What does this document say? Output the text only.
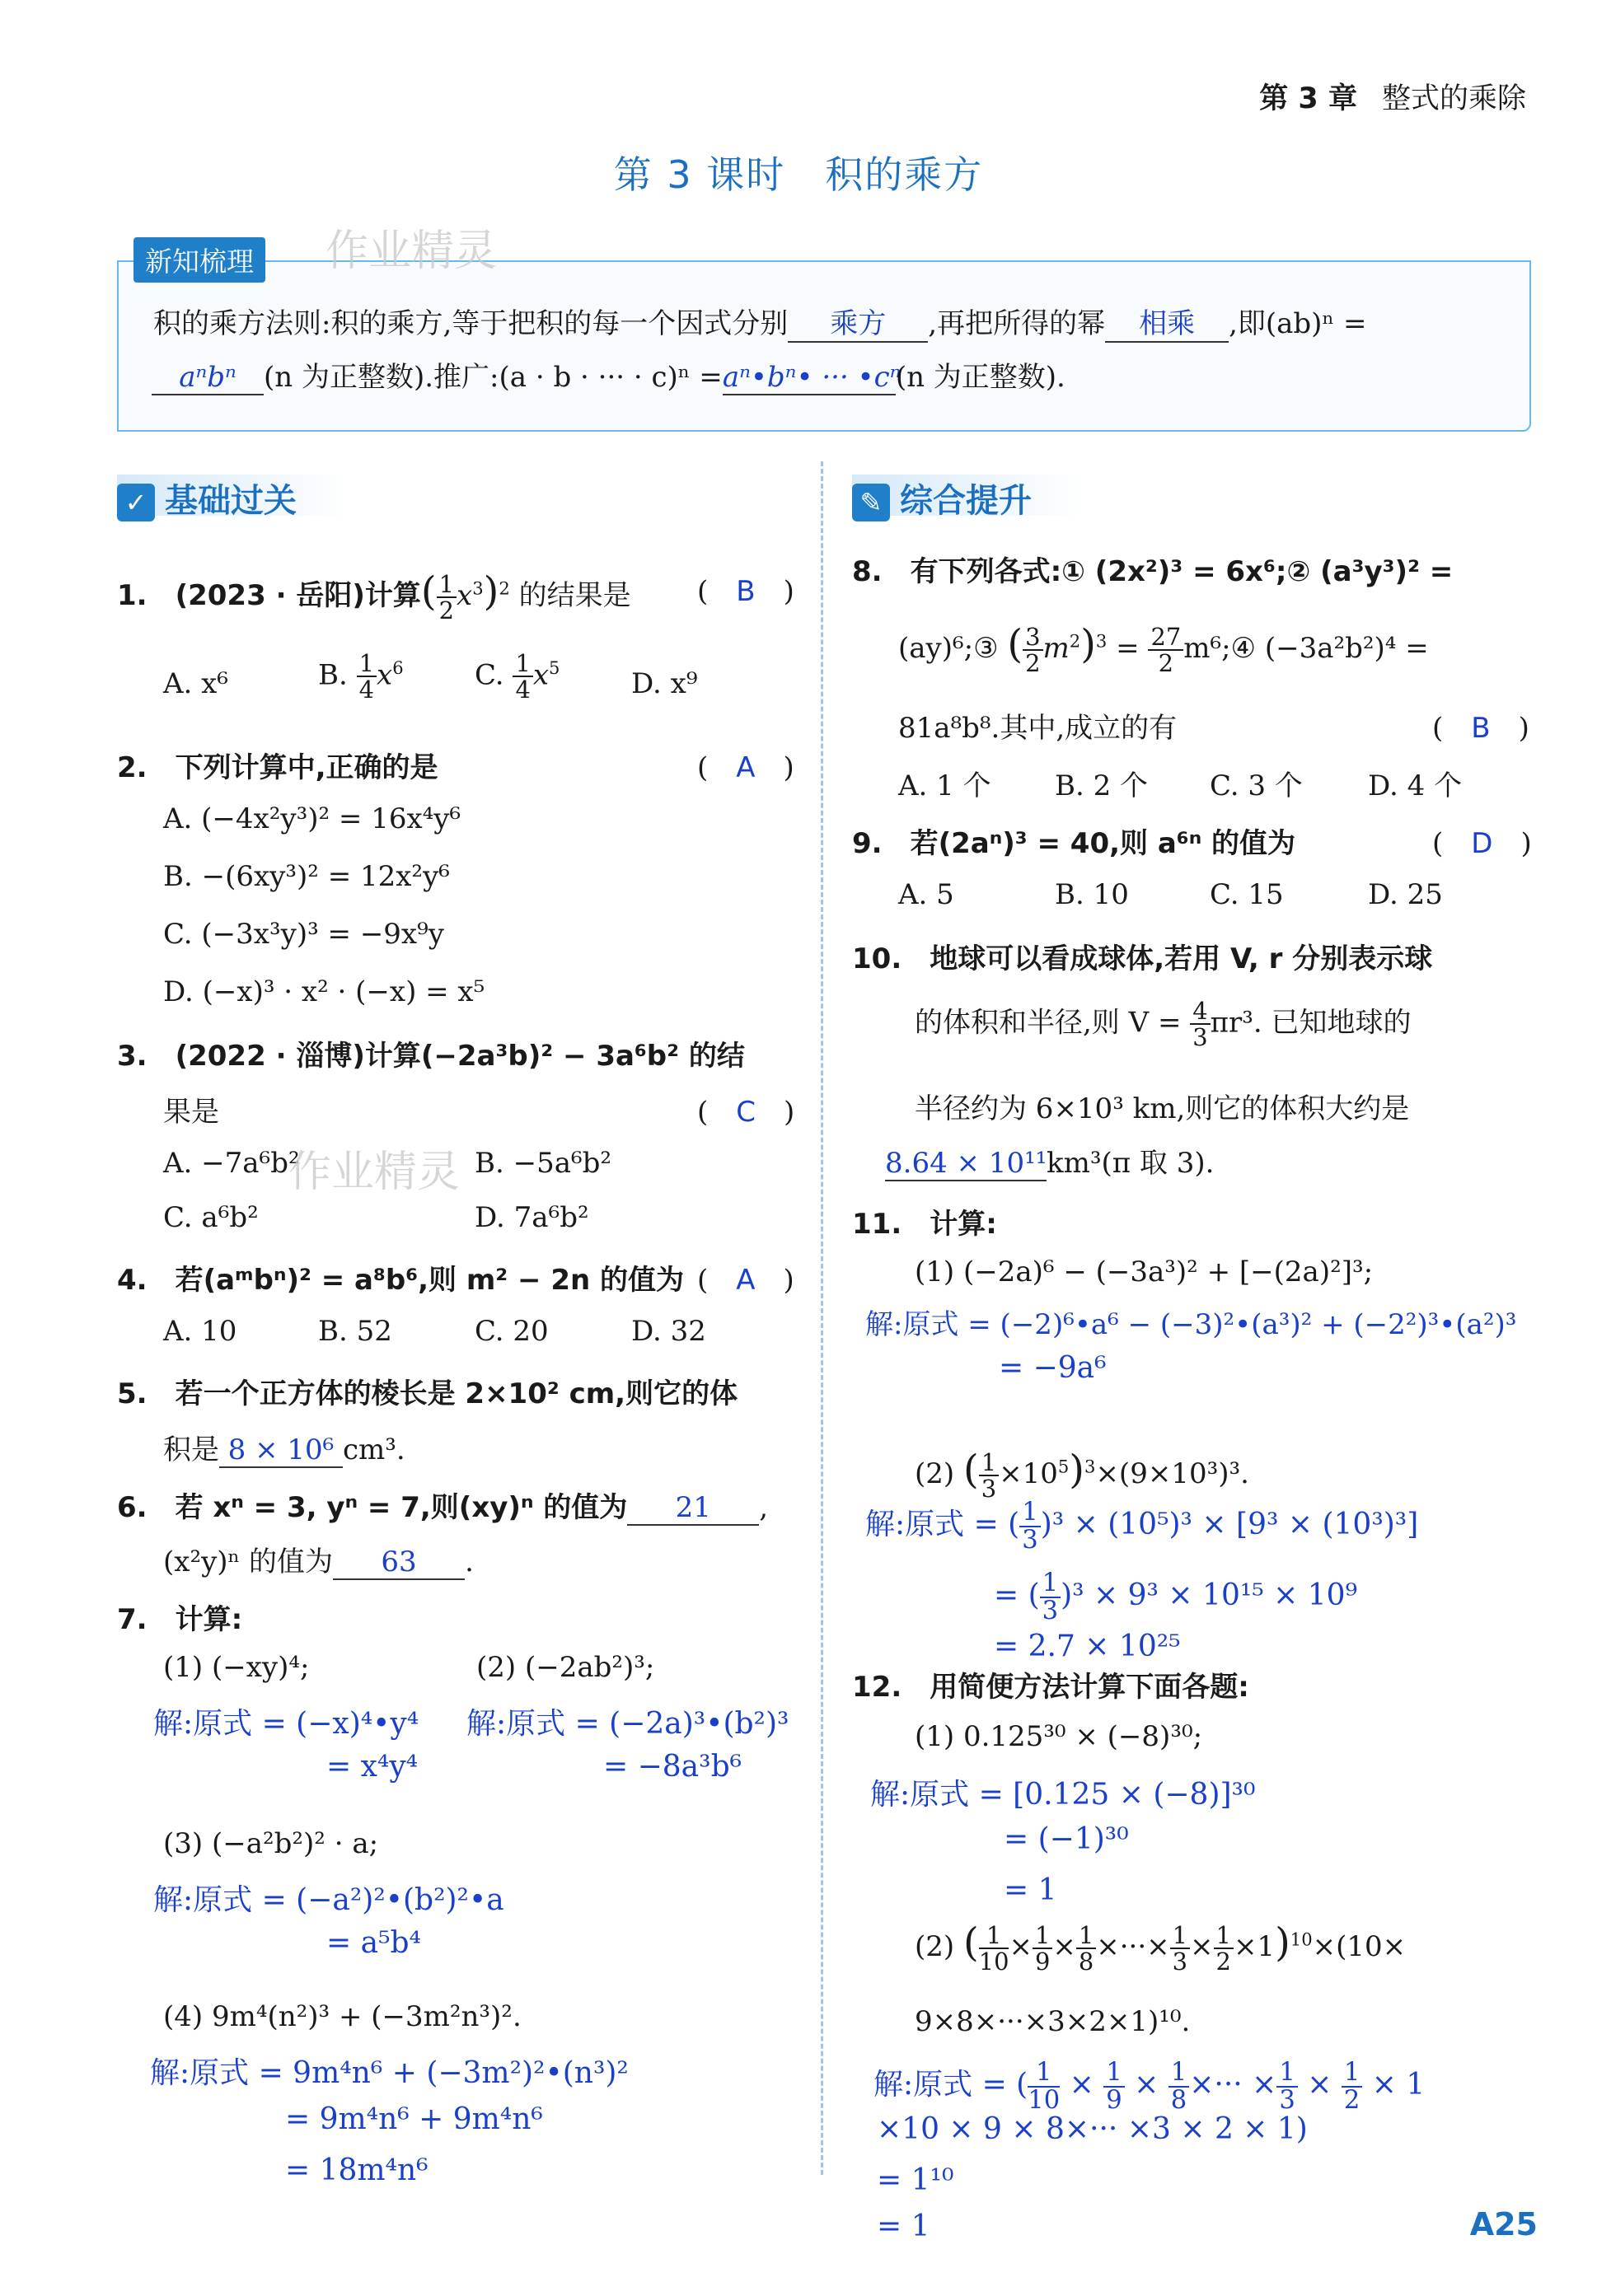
第 3 章 整式的乘除
第 3 课时　积的乘方
新知梳理 作业精灵
积的乘方法则:积的乘方,等于把积的每一个因式分别 乘方 ,再把所得的幂 相乘 ,即(ab)ⁿ =
aⁿbⁿ (n 为正整数).推广:(a · b · ··· · c)ⁿ =aⁿ•bⁿ• ··· •cⁿ(n 为正整数).
✓ 基础过关	✎ 综合提升
1.　(2023 · 岳阳)计算( $\frac{1}{2} x^3)^2$ 的结果是 (　B　)
A. x⁶	B. $\frac{1}{4} x^6$	C. $\frac{1}{4} x^5$	D. x⁹
2.　下列计算中,正确的是	(　A　)
A. (−4x²y³)² = 16x⁴y⁶
B. −(6xy³)² = 12x²y⁶
C. (−3x³y)³ = −9x⁹y
D. (−x)³ · x² · (−x) = x⁵
3.　(2022 · 淄博)计算(−2a³b)² − 3a⁶b² 的结
果是	(　C　)
A. −7a⁶b²	B. −5a⁶b²
C. a⁶b²	D. 7a⁶b²
作业精灵
4.　若(aᵐbⁿ)² = a⁸b⁶,则 m² − 2n 的值为 (　A　)
A. 10	B. 52	C. 20	D. 32
5.　若一个正方体的棱长是 2×10² cm,则它的体
积是 8 × 10⁶ cm³.
6.　若 xⁿ = 3, yⁿ = 7,则(xy)ⁿ 的值为 21 ,
(x²y)ⁿ 的值为 63 .
7.　计算:
(1) (−xy)⁴;	(2) (−2ab²)³;
解:原式 = (−x)⁴•y⁴
= x⁴y⁴
解:原式 = (−2a)³•(b²)³
= −8a³b⁶
(3) (−a²b²)² · a;
解:原式 = (−a²)²•(b²)²•a
= a⁵b⁴
(4) 9m⁴(n²)³ + (−3m²n³)².
解:原式 = 9m⁴n⁶ + (−3m²)²•(n³)²
= 9m⁴n⁶ + 9m⁴n⁶
= 18m⁴n⁶
8.　有下列各式:① (2x²)³ = 6x⁶;② (a³y³)² =
(ay)⁶;③ ( $\frac{3}{2} m^2)^3 = \frac{27}{2}$ m⁶;④ (−3a²b²)⁴ =
81a⁸b⁸.其中,成立的有	(　B　)
A. 1 个 B. 2 个 C. 3 个 D. 4 个
9.　若(2aⁿ)³ = 40,则 a⁶ⁿ 的值为	(　D　)
A. 5	B. 10	C. 15	D. 25
10.　地球可以看成球体,若用 V, r 分别表示球
的体积和半径,则 $V = \frac{4}{3} \pi r^3$. 已知地球的
半径约为 6×10³ km,则它的体积大约是
8.64 × 10¹¹km³(π 取 3).
11.　计算:
(1) (−2a)⁶ − (−3a³)² + [−(2a)²]³;
解:原式 = (−2)⁶•a⁶ − (−3)²•(a³)² + (−2²)³•(a²)³
= −9a⁶
(2) ( $\frac{1}{3} \times 10^5)^3\times(9\times 10^3)^3$.
解:原式 = ( $\frac{1}{3} )^3 \times (10^5)^3 \times [9^3 \times (10^3)^3]$
= ( $\frac{1}{3} )^3 \times 9^3 \times 10^{15} \times 10^9$
= 2.7 × 10²⁵
12.　用简便方法计算下面各题:
(1) 0.125³⁰ × (−8)³⁰;
解:原式 = [0.125 × (−8)]³⁰
= (−1)³⁰
= 1
(2) ( $\frac{1}{10} \times \frac{1}{9} \times \frac{1}{8}$ ×···× $\frac{1}{3} \times \frac{1}{2} \times 1)^{10}\times(10\times$
9×8×···×3×2×1)¹⁰.
解:原式 = ( $\frac{1}{10} \times \frac{1}{9} \times \frac{1}{8}$ ×··· × $\frac{1}{3} \times \frac{1}{2} \times 1$
×10 × 9 × 8×··· ×3 × 2 × 1)
= 1¹⁰
= 1	A25
